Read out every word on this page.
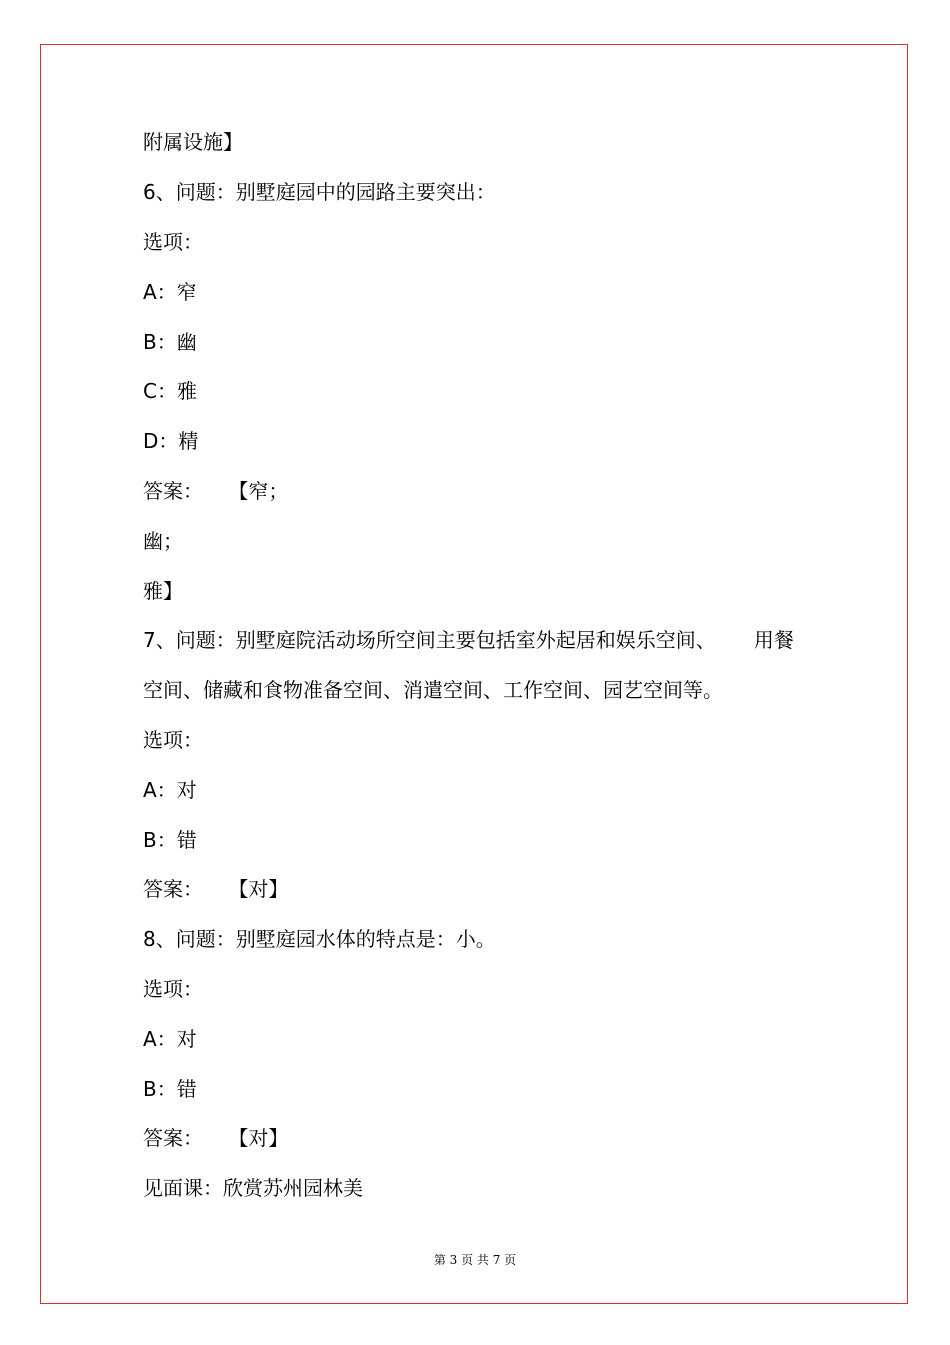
附属设施】
6、问题：别墅庭园中的园路主要突出：
选项：
A：窄
B：幽
C：雅
D：精
答案：    【窄；
幽；
雅】
7、问题：别墅庭院活动场所空间主要包括室外起居和娱乐空间、      用餐
空间、储藏和食物准备空间、消遣空间、工作空间、园艺空间等。
选项：
A：对
B：错
答案：    【对】
8、问题：别墅庭园水体的特点是：小。
选项：
A：对
B：错
答案：    【对】
见面课：欣赏苏州园林美
第 3 页 共 7 页
